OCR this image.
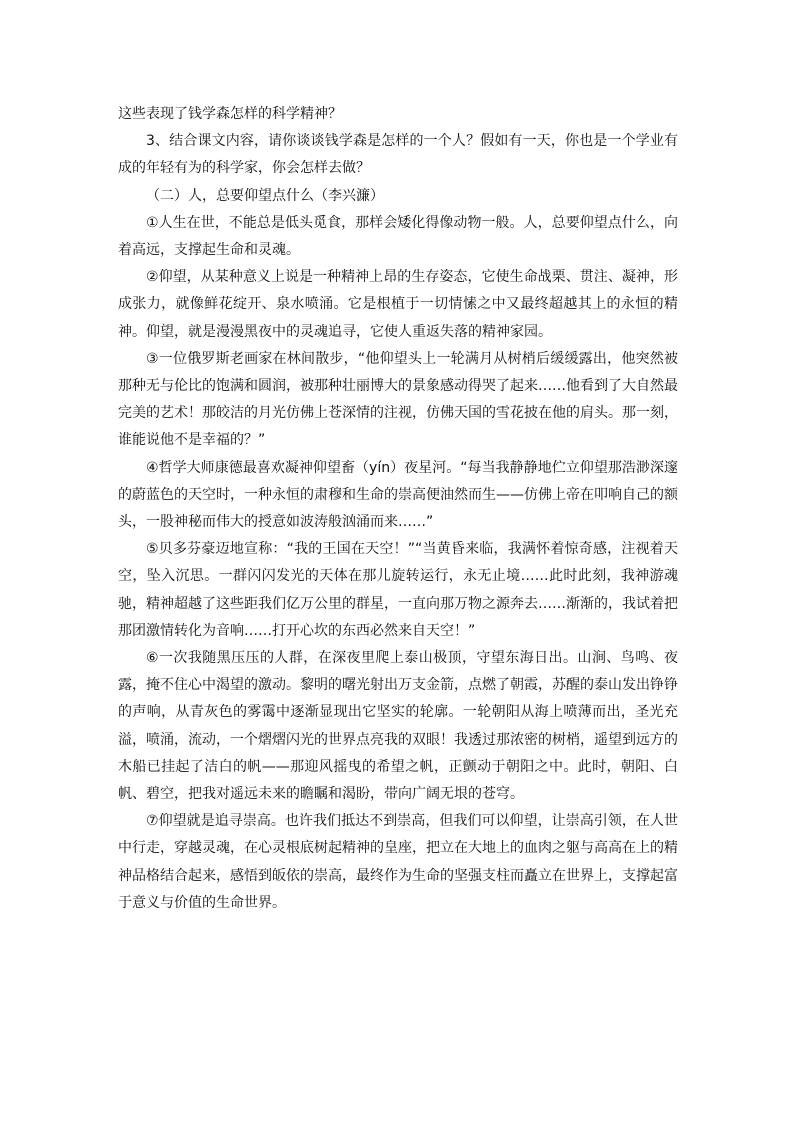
这些表现了钱学森怎样的科学精神？

3、结合课文内容，请你谈谈钱学森是怎样的一个人？假如有一天，你也是一个学业有成的年轻有为的科学家，你会怎样去做？

（二）人，总要仰望点什么（李兴濂）

①人生在世，不能总是低头觅食，那样会矮化得像动物一般。人，总要仰望点什么，向着高远，支撑起生命和灵魂。

②仰望，从某种意义上说是一种精神上昂的生存姿态，它使生命战栗、贯注、凝神，形成张力，就像鲜花绽开、泉水喷涌。它是根植于一切情愫之中又最终超越其上的永恒的精神。仰望，就是漫漫黑夜中的灵魂追寻，它使人重返失落的精神家园。

③一位俄罗斯老画家在林间散步，“他仰望头上一轮满月从树梢后缓缓露出，他突然被那种无与伦比的饱满和圆润，被那种壮丽博大的景象感动得哭了起来……他看到了大自然最完美的艺术！那皎洁的月光仿佛上苍深情的注视，仿佛天国的雪花披在他的肩头。那一刻，谁能说他不是幸福的？”

④哲学大师康德最喜欢凝神仰望畜（yín）夜星河。“每当我静静地伫立仰望那浩渺深邃的蔚蓝色的天空时，一种永恒的肃穆和生命的崇高便油然而生——仿佛上帝在叩响自己的额头，一股神秘而伟大的授意如波涛般汹涌而来……”

⑤贝多芬豪迈地宣称：“我的王国在天空！”“当黄昏来临，我满怀着惊奇感，注视着天空，坠入沉思。一群闪闪发光的天体在那儿旋转运行，永无止境……此时此刻，我神游魂驰，精神超越了这些距我们亿万公里的群星，一直向那万物之源奔去……渐渐的，我试着把那团激情转化为音响……打开心坎的东西必然来自天空！”

⑥一次我随黑压压的人群，在深夜里爬上泰山极顶，守望东海日出。山涧、鸟鸣、夜露，掩不住心中渴望的激动。黎明的曙光射出万支金箭，点燃了朝霞，苏醒的泰山发出铮铮的声响，从青灰色的雾霭中逐渐显现出它坚实的轮廓。一轮朝阳从海上喷薄而出，圣光充溢，喷涌，流动，一个熠熠闪光的世界点亮我的双眼！我透过那浓密的树梢，遥望到远方的木船已挂起了洁白的帆——那迎风摇曳的希望之帆，正颤动于朝阳之中。此时，朝阳、白帆、碧空，把我对遥远未来的瞻瞩和渴盼，带向广阔无垠的苍穹。

⑦仰望就是追寻崇高。也许我们抵达不到崇高，但我们可以仰望，让崇高引领，在人世中行走，穿越灵魂，在心灵根底树起精神的皇座，把立在大地上的血肉之躯与高高在上的精神品格结合起来，感悟到皈依的崇高，最终作为生命的坚强支柱而矗立在世界上，支撑起富于意义与价值的生命世界。
